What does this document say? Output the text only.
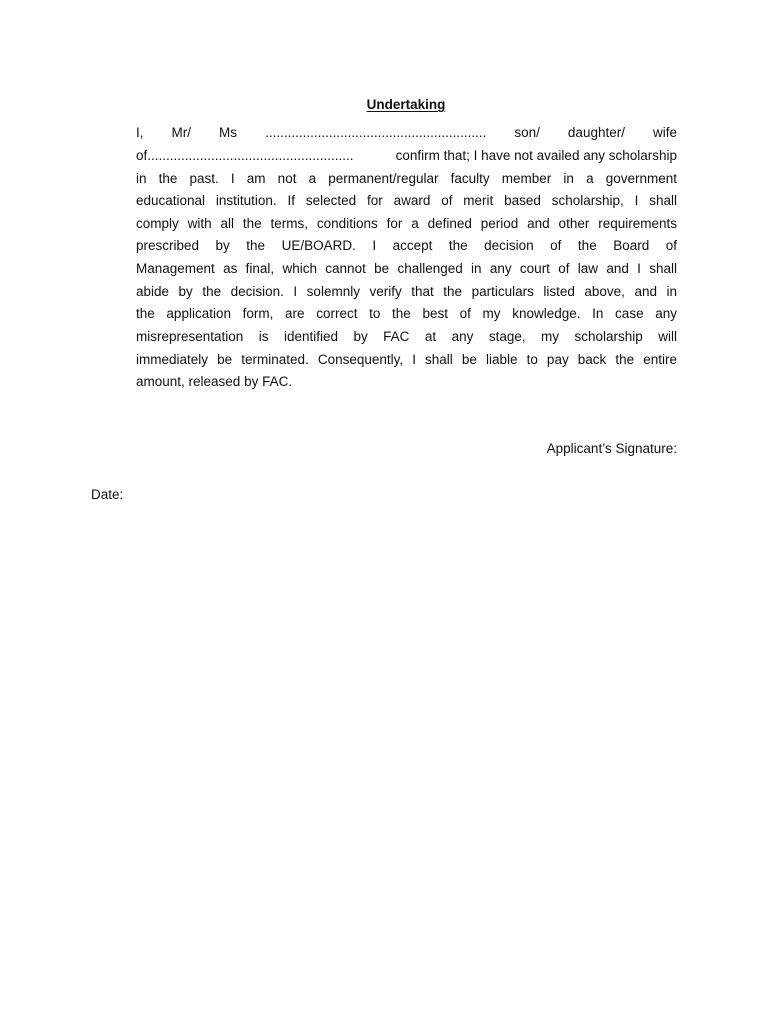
Undertaking
I, Mr/ Ms ........................................................... son/ daughter/ wife
of.......................................................	confirm that; I have not availed any scholarship
in the past. I am not a permanent/regular faculty member in a government
educational institution. If selected for award of merit based scholarship, I shall
comply with all the terms, conditions for a defined period and other requirements
prescribed by the UE/BOARD. I accept the decision of the Board of
Management as final, which cannot be challenged in any court of law and I shall
abide by the decision. I solemnly verify that the particulars listed above, and in
the application form, are correct to the best of my knowledge. In case any
misrepresentation is identified by FAC at any stage, my scholarship will
immediately be terminated. Consequently, I shall be liable to pay back the entire
amount, released by FAC.
Applicant’s Signature:
Date:
